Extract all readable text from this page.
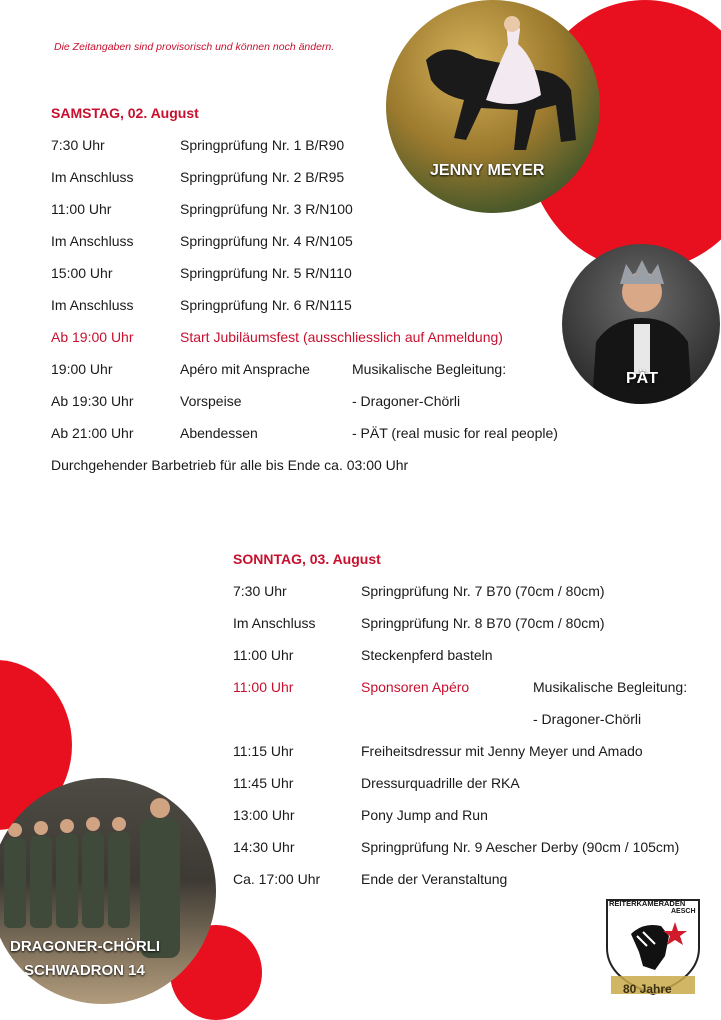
JENNY MEYER
PÄT
DRAGONER-CHÖRLI
SCHWADRON 14
Die Zeitangaben sind provisorisch und können noch ändern.
SAMSTAG, 02. August
7:30 Uhr	Springprüfung Nr. 1 B/R90
Im Anschluss	Springprüfung Nr. 2 B/R95
11:00 Uhr	Springprüfung Nr. 3 R/N100
Im Anschluss	Springprüfung Nr. 4 R/N105
15:00 Uhr	Springprüfung Nr. 5 R/N110
Im Anschluss	Springprüfung Nr. 6 R/N115
Ab 19:00 Uhr	Start Jubiläumsfest (ausschliesslich auf Anmeldung)
19:00 Uhr	Apéro mit Ansprache	Musikalische Begleitung:
Ab 19:30 Uhr	Vorspeise	- Dragoner-Chörli
Ab 21:00 Uhr	Abendessen	- PÄT (real music for real people)
Durchgehender Barbetrieb für alle bis Ende ca. 03:00 Uhr
SONNTAG, 03. August
7:30 Uhr	Springprüfung Nr. 7 B70 (70cm / 80cm)
Im Anschluss	Springprüfung Nr. 8 B70 (70cm / 80cm)
11:00 Uhr	Steckenpferd basteln
11:00 Uhr	Sponsoren Apéro	Musikalische Begleitung:
- Dragoner-Chörli
11:15 Uhr	Freiheitsdressur mit Jenny Meyer und Amado
11:45 Uhr	Dressurquadrille der RKA
13:00 Uhr	Pony Jump and Run
14:30 Uhr	Springprüfung Nr. 9 Aescher Derby (90cm / 105cm)
Ca. 17:00 Uhr	Ende der Veranstaltung
REITERKAMERADEN
AESCH
80 Jahre
